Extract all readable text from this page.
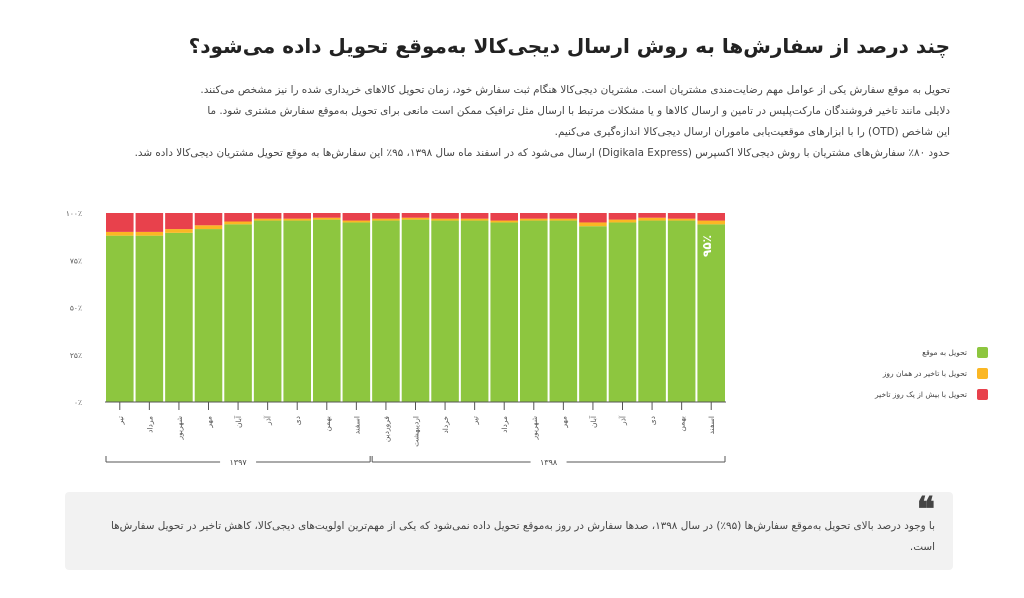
چند درصد از سفارش‌ها به روش ارسال دیجی‌کالا به‌موقع تحویل داده می‌شود؟

تحویل به موقع سفارش یکی از عوامل مهم رضایت‌مندی مشتریان است. مشتریان دیجی‌کالا هنگام ثبت سفارش خود، زمان تحویل کالاهای خریداری شده را نیز مشخص می‌کنند.

دلایلی مانند تاخیر فروشندگان مارکت‌پلیس در تامین و ارسال کالاها و یا مشکلات مرتبط با ارسال مثل ترافیک ممکن است مانعی برای تحویل به‌موقع سفارش مشتری شود. ما

این شاخص (OTD) را با ابزارهای موقعیت‌یابی ماموران ارسال دیجی‌کالا اندازه‌گیری می‌کنیم.

حدود ۸۰٪ سفارش‌های مشتریان با روش دیجی‌کالا اکسپرس (Digikala Express) ارسال می‌شود که در اسفند ماه سال ۱۳۹۸، ۹۵٪ این سفارش‌ها به موقع تحویل مشتریان دیجی‌کالا داده شد.

۰٪
۲۵٪
۵۰٪
۷۵٪
۱۰۰٪
تیر	مرداد	شهریور	مهر	آبان	آذر	دی	بهمن	اسفند	فروردین	اردیبهشت	خرداد	تیر	مرداد	شهریور	مهر	آبان	آذر	دی	بهمن	اسفند
۱۳۹۷	۱۳۹۸
۹۵٪
تحویل به موقع
تحویل با تاخیر در همان روز
تحویل با بیش از یک روز تاخیر
❝
با وجود درصد بالای تحویل به‌موقع سفارش‌ها (۹۵٪) در سال ۱۳۹۸، صدها سفارش در روز به‌موقع تحویل داده نمی‌شود که یکی از مهم‌ترین اولویت‌های دیجی‌کالا، کاهش تاخیر در تحویل سفارش‌ها است.
